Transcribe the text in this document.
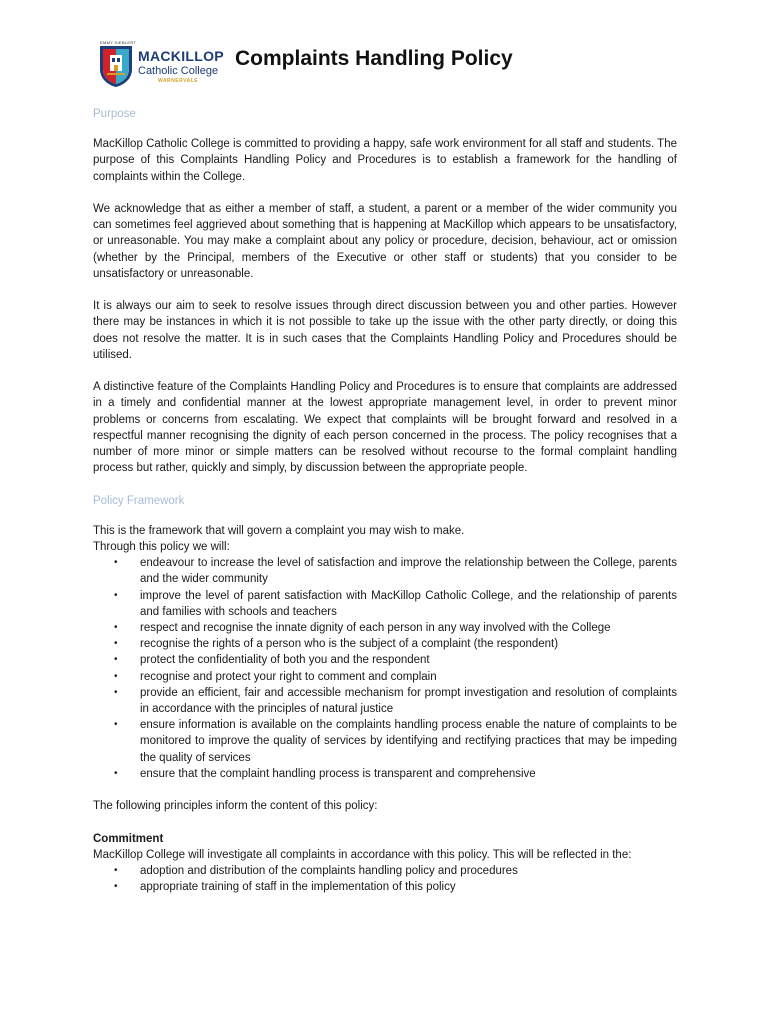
EMMY SIEBLERT
MACKILLOP
Catholic College
WARNERVALE
Complaints Handling Policy
Purpose

MacKillop Catholic College is committed to providing a happy, safe work environment for all staff and students. The purpose of this Complaints Handling Policy and Procedures is to establish a framework for the handling of complaints within the College.

We acknowledge that as either a member of staff, a student, a parent or a member of the wider community you can sometimes feel aggrieved about something that is happening at MacKillop which appears to be unsatisfactory, or unreasonable. You may make a complaint about any policy or procedure, decision, behaviour, act or omission (whether by the Principal, members of the Executive or other staff or students) that you consider to be unsatisfactory or unreasonable.

It is always our aim to seek to resolve issues through direct discussion between you and other parties. However there may be instances in which it is not possible to take up the issue with the other party directly, or doing this does not resolve the matter. It is in such cases that the Complaints Handling Policy and Procedures should be utilised.

A distinctive feature of the Complaints Handling Policy and Procedures is to ensure that complaints are addressed in a timely and confidential manner at the lowest appropriate management level, in order to prevent minor problems or concerns from escalating. We expect that complaints will be brought forward and resolved in a respectful manner recognising the dignity of each person concerned in the process. The policy recognises that a number of more minor or simple matters can be resolved without recourse to the formal complaint handling process but rather, quickly and simply, by discussion between the appropriate people.

Policy Framework

This is the framework that will govern a complaint you may wish to make.

Through this policy we will:

• endeavour to increase the level of satisfaction and improve the relationship between the College, parents and the wider community
• improve the level of parent satisfaction with MacKillop Catholic College, and the relationship of parents and families with schools and teachers
• respect and recognise the innate dignity of each person in any way involved with the College
• recognise the rights of a person who is the subject of a complaint (the respondent)
• protect the confidentiality of both you and the respondent
• recognise and protect your right to comment and complain
• provide an efficient, fair and accessible mechanism for prompt investigation and resolution of complaints in accordance with the principles of natural justice
• ensure information is available on the complaints handling process enable the nature of complaints to be monitored to improve the quality of services by identifying and rectifying practices that may be impeding the quality of services
• ensure that the complaint handling process is transparent and comprehensive

The following principles inform the content of this policy:

Commitment

MacKillop College will investigate all complaints in accordance with this policy. This will be reflected in the:

• adoption and distribution of the complaints handling policy and procedures
• appropriate training of staff in the implementation of this policy
